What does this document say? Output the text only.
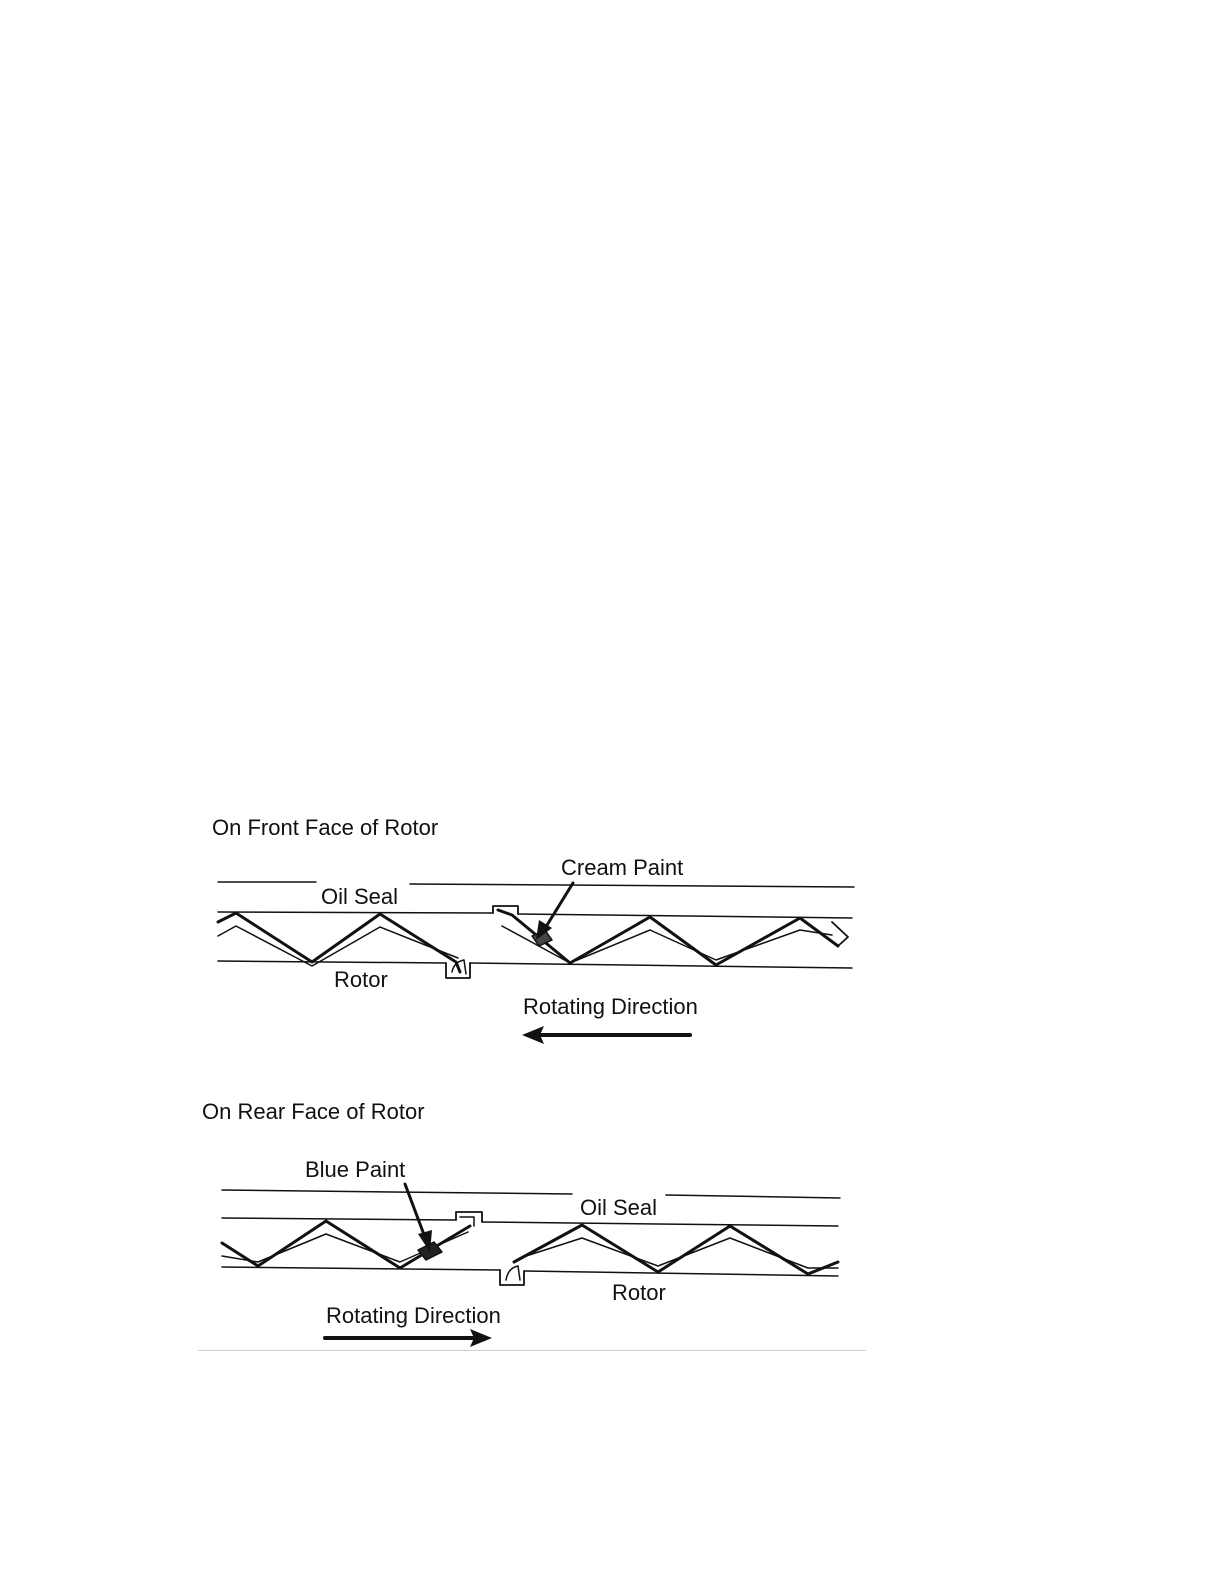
On Front Face of Rotor
Cream Paint
Oil Seal
Rotor
Rotating Direction
On Rear Face of Rotor
Blue Paint
Oil Seal
Rotor
Rotating Direction
